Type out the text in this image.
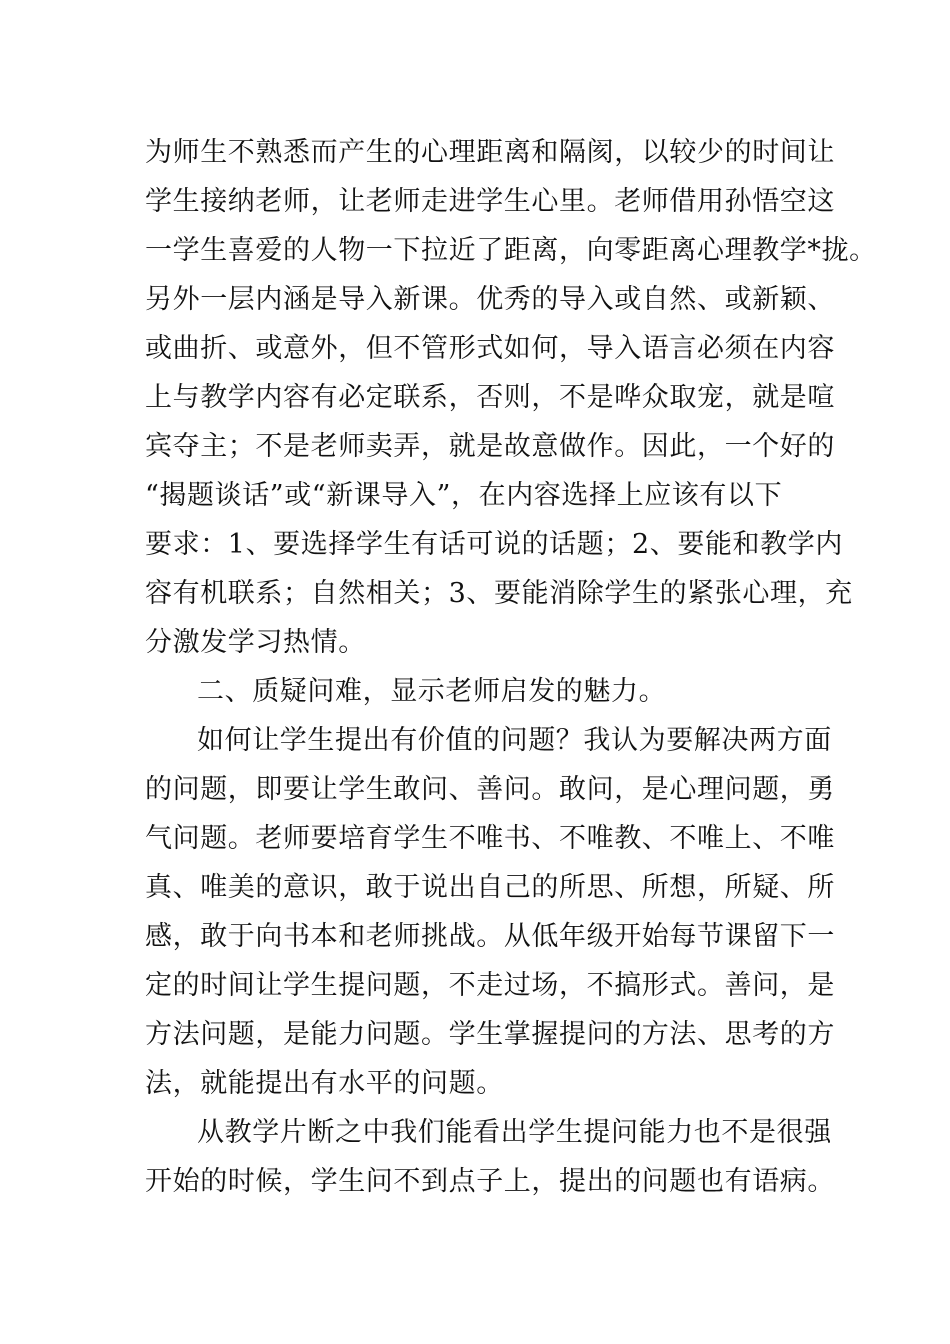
为师生不熟悉而产生的心理距离和隔阂，以较少的时间让
学生接纳老师，让老师走进学生心里。老师借用孙悟空这
一学生喜爱的人物一下拉近了距离，向零距离心理教学*拢。
另外一层内涵是导入新课。优秀的导入或自然、或新颖、
或曲折、或意外，但不管形式如何，导入语言必须在内容
上与教学内容有必定联系，否则，不是哗众取宠，就是喧
宾夺主；不是老师卖弄，就是故意做作。因此，一个好的
“揭题谈话”或“新课导入”，在内容选择上应该有以下
要求：1、要选择学生有话可说的话题；2、要能和教学内
容有机联系；自然相关；3、要能消除学生的紧张心理，充
分激发学习热情。
二、质疑问难，显示老师启发的魅力。
如何让学生提出有价值的问题？我认为要解决两方面
的问题，即要让学生敢问、善问。敢问，是心理问题，勇
气问题。老师要培育学生不唯书、不唯教、不唯上、不唯
真、唯美的意识，敢于说出自己的所思、所想，所疑、所
感，敢于向书本和老师挑战。从低年级开始每节课留下一
定的时间让学生提问题，不走过场，不搞形式。善问，是
方法问题，是能力问题。学生掌握提问的方法、思考的方
法，就能提出有水平的问题。
从教学片断之中我们能看出学生提问能力也不是很强
开始的时候，学生问不到点子上，提出的问题也有语病。
